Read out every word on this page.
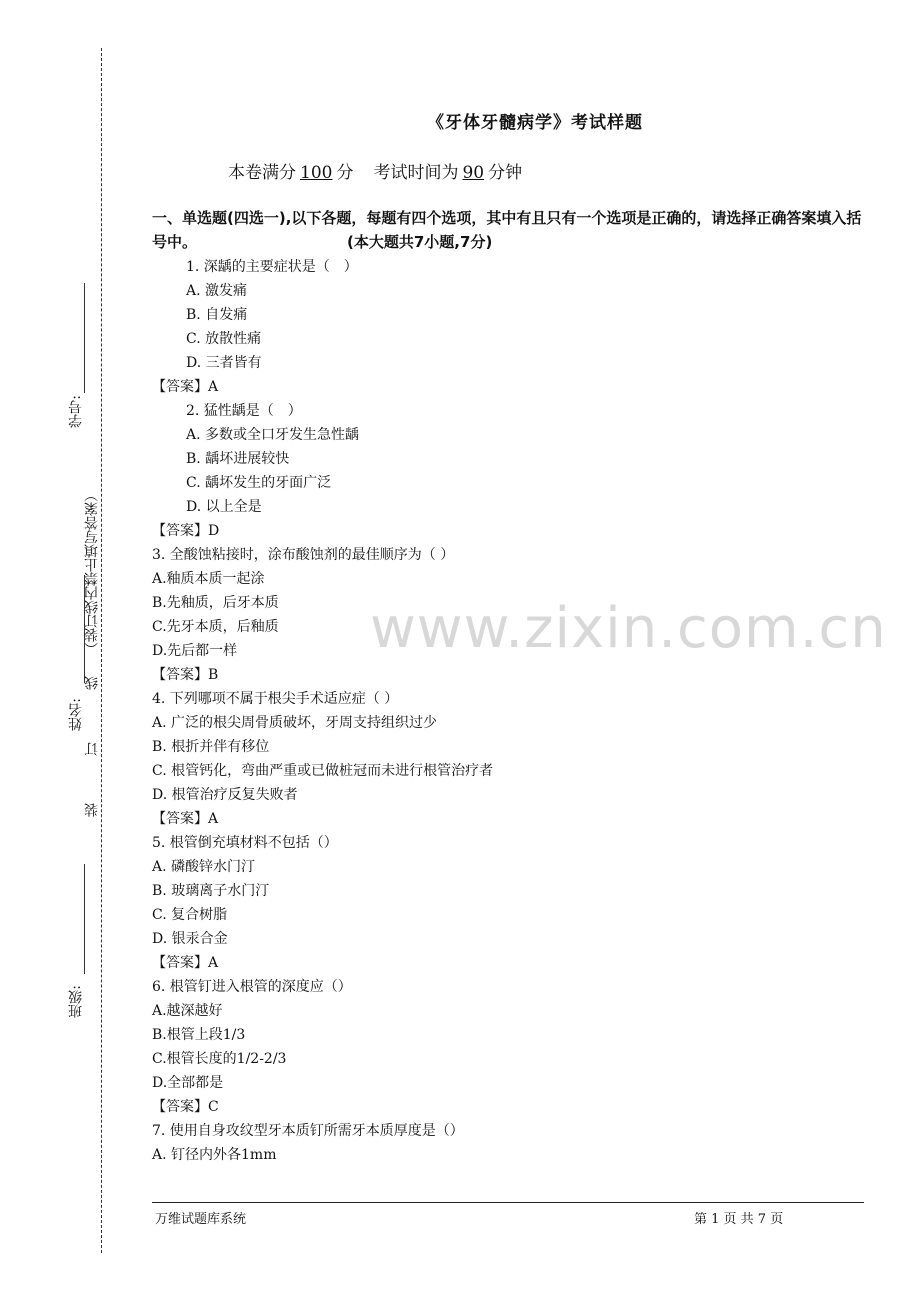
学号:
（装订线内禁止填写答案）
姓名:
线
订
装
班级:
《牙体牙髓病学》考试样题
本卷满分 100 分 考试时间为 90 分钟
一、单选题(四选一),以下各题，每题有四个选项，其中有且只有一个选项是正确的，请选择正确答案填入括号中。	(本大题共7小题,7分)
www.zixin.com.cn
1. 深龋的主要症状是（　）
A. 激发痛
B. 自发痛
C. 放散性痛
D. 三者皆有
【答案】A
2. 猛性龋是（　）
A. 多数或全口牙发生急性龋
B. 龋坏进展较快
C. 龋坏发生的牙面广泛
D. 以上全是
【答案】D
3. 全酸蚀粘接时，涂布酸蚀剂的最佳顺序为（ ）
A.釉质本质一起涂
B.先釉质，后牙本质
C.先牙本质，后釉质
D.先后都一样
【答案】B
4. 下列哪项不属于根尖手术适应症（ ）
A. 广泛的根尖周骨质破坏，牙周支持组织过少
B. 根折并伴有移位
C. 根管钙化，弯曲严重或已做桩冠而未进行根管治疗者
D. 根管治疗反复失败者
【答案】A
5. 根管倒充填材料不包括（）
A. 磷酸锌水门汀
B. 玻璃离子水门汀
C. 复合树脂
D. 银汞合金
【答案】A
6. 根管钉进入根管的深度应（）
A.越深越好
B.根管上段1/3
C.根管长度的1/2-2/3
D.全部都是
【答案】C
7. 使用自身攻纹型牙本质钉所需牙本质厚度是（）
A. 钉径内外各1mm
万维试题库系统	第 1 页 共 7 页
